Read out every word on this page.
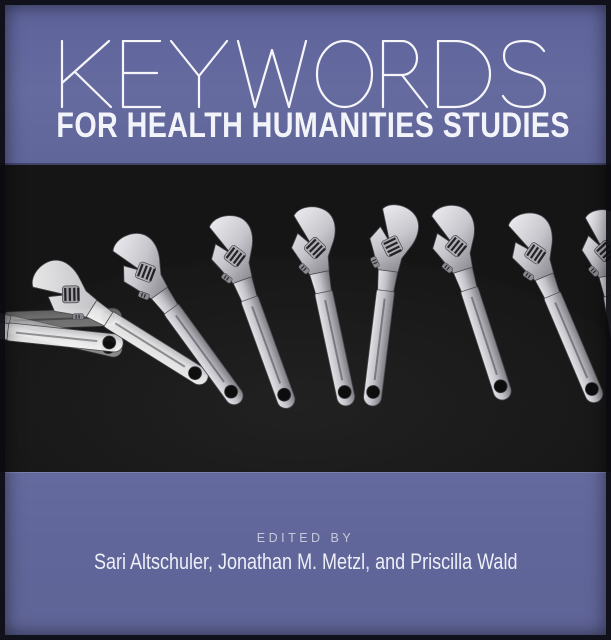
FOR HEALTH HUMANITIES STUDIES
EDITED BY
Sari Altschuler, Jonathan M. Metzl, and Priscilla Wald
